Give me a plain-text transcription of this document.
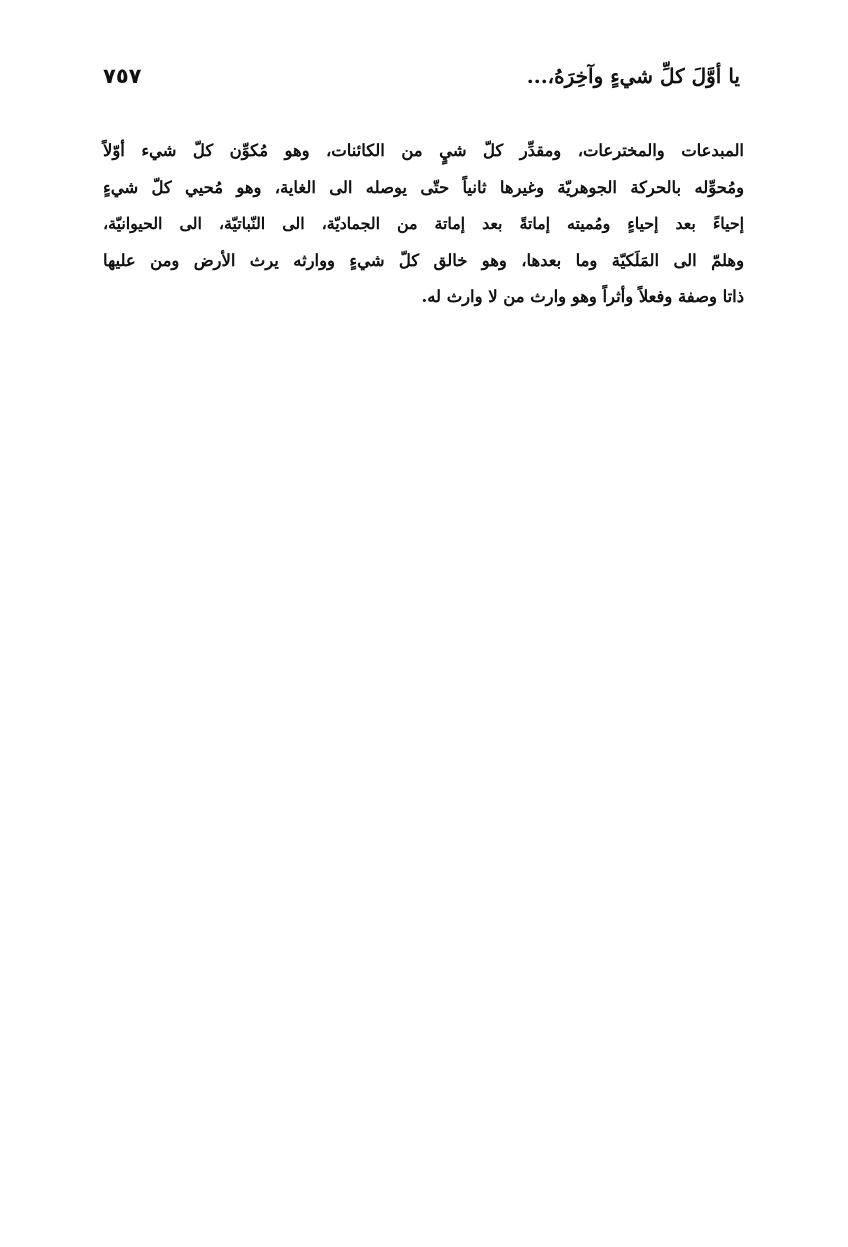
٧٥٧	يا أوَّلَ كلِّ شيءٍ وآخِرَهُ،...
المبدعات والمخترعات، ومقدِّر كلّ شيٍ من الكائنات، وهو مُكوِّن كلّ شيء أوّلاً
ومُحوِّله بالحركة الجوهريّة وغيرها ثانياً حتّى يوصله الى الغاية، وهو مُحيي كلّ شيءٍ
إحياءً بعد إحياءٍ ومُميته إماتةً بعد إماتة من الجماديّة، الى النّباتيّة، الى الحيوانيّة،
وهلمّ الى المَلَكيّة وما بعدها، وهو خالق كلّ شيءٍ ووارثه يرث الأرض ومن عليها
ذاتا وصفة وفعلاً وأثراً وهو وارث من لا وارث له.
